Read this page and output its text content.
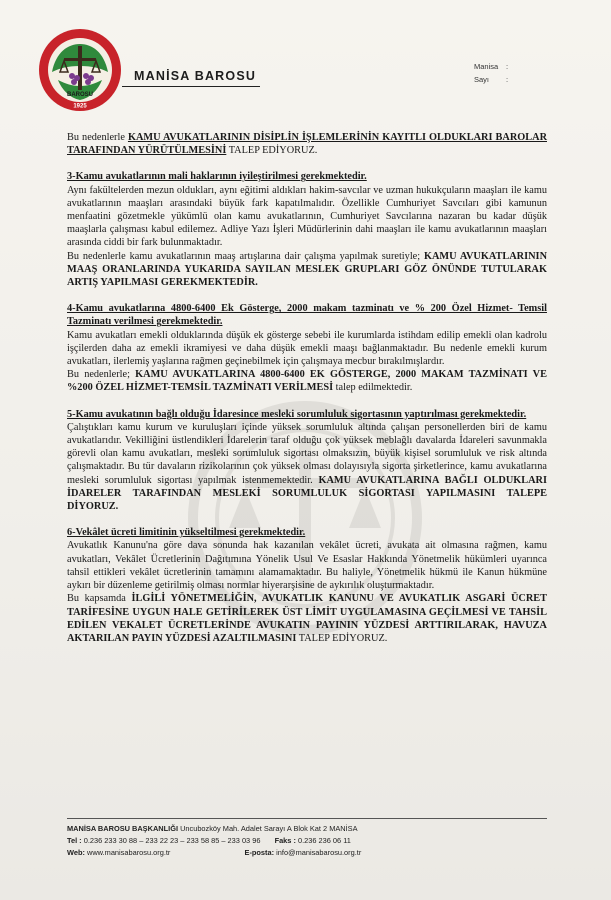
BAROSU
1925
MANİSA BAROSU
Manisa :
Sayı :

Bu nedenlerle KAMU AVUKATLARININ DİSİPLİN İŞLEMLERİNİN KAYITLI OLDUKLARI BAROLAR TARAFINDAN YÜRÜTÜLMESİNİ TALEP EDİYORUZ.

3-Kamu avukatlarının mali haklarının iyileştirilmesi gerekmektedir.

Aynı fakültelerden mezun oldukları, aynı eğitimi aldıkları hakim-savcılar ve uzman hukukçuların maaşları ile kamu avukatlarının maaşları arasındaki büyük fark kapatılmalıdır. Özellikle Cumhuriyet Savcıları gibi kamunun menfaatini gözetmekle yükümlü olan kamu avukatlarının, Cumhuriyet Savcılarına nazaran bu kadar düşük maaşlarla çalışması kabul edilemez. Adliye Yazı İşleri Müdürlerinin dahi maaşları ile kamu avukatlarının maaşları arasında ciddi bir fark bulunmaktadır.

Bu nedenlerle kamu avukatlarının maaş artışlarına dair çalışma yapılmak suretiyle; KAMU AVUKATLARININ MAAŞ ORANLARINDA YUKARIDA SAYILAN MESLEK GRUPLARI GÖZ ÖNÜNDE TUTULARAK ARTIŞ YAPILMASI GEREKMEKTEDİR.

4-Kamu avukatlarına 4800-6400 Ek Gösterge, 2000 makam tazminatı ve % 200 Özel Hizmet- Temsil Tazminatı verilmesi gerekmektedir.

Kamu avukatları emekli olduklarında düşük ek gösterge sebebi ile kurumlarda istihdam edilip emekli olan kadrolu işçilerden daha az emekli ikramiyesi ve daha düşük emekli maaşı bağlanmaktadır. Bu nedenle emekli kurum avukatları, ilerlemiş yaşlarına rağmen geçinebilmek için çalışmaya mecbur bırakılmışlardır.

Bu nedenlerle; KAMU AVUKATLARINA 4800-6400 EK GÖSTERGE, 2000 MAKAM TAZMİNATI VE %200 ÖZEL HİZMET-TEMSİL TAZMİNATI VERİLMESİ talep edilmektedir.

5-Kamu avukatının bağlı olduğu İdaresince mesleki sorumluluk sigortasının yaptırılması gerekmektedir.

Çalıştıkları kamu kurum ve kuruluşları içinde yüksek sorumluluk altında çalışan personellerden biri de kamu avukatlarıdır. Vekilliğini üstlendikleri İdarelerin taraf olduğu çok yüksek meblağlı davalarda İdareleri savunmakla görevli olan kamu avukatları, mesleki sorumluluk sigortası olmaksızın, büyük kişisel sorumluluk ve risk altında çalışmaktadır. Bu tür davaların rizikolarının çok yüksek olması dolayısıyla sigorta şirketlerince, kamu avukatlarına mesleki sorumluluk sigortası yapılmak istenmemektedir. KAMU AVUKATLARINA BAĞLI OLDUKLARI İDARELER TARAFINDAN MESLEKİ SORUMLULUK SİGORTASI YAPILMASINI TALEPE DİYORUZ.

6-Vekâlet ücreti limitinin yükseltilmesi gerekmektedir.

Avukatlık Kanunu'na göre dava sonunda hak kazanılan vekâlet ücreti, avukata ait olmasına rağmen, kamu avukatları, Vekâlet Ücretlerinin Dağıtımına Yönelik Usul Ve Esaslar Hakkında Yönetmelik hükümleri uyarınca tahsil ettikleri vekâlet ücretlerinin tamamını alamamaktadır. Bu haliyle, Yönetmelik hükmü ile Kanun hükmüne aykırı bir düzenleme getirilmiş olması normlar hiyerarşisine de aykırılık oluşturmaktadır.

Bu kapsamda İLGİLİ YÖNETMELİĞİN, AVUKATLIK KANUNU VE AVUKATLIK ASGARİ ÜCRET TARİFESİNE UYGUN HALE GETİRİLEREK ÜST LİMİT UYGULAMASINA GEÇİLMESİ VE TAHSİL EDİLEN VEKALET ÜCRETLERİNDE AVUKATIN PAYININ YÜZDESİ ARTTIRILARAK, HAVUZA AKTARILAN PAYIN YÜZDESİ AZALTILMASINI TALEP EDİYORUZ.

MANİSA BAROSU BAŞKANLIĞI Uncubozköy Mah. Adalet Sarayı A Blok Kat 2 MANİSA
Tel : 0.236 233 30 88 – 233 22 23 – 233 58 85 – 233 03 96 Faks : 0.236 236 06 11
Web: www.manisabarosu.org.tr	E-posta: info@manisabarosu.org.tr
